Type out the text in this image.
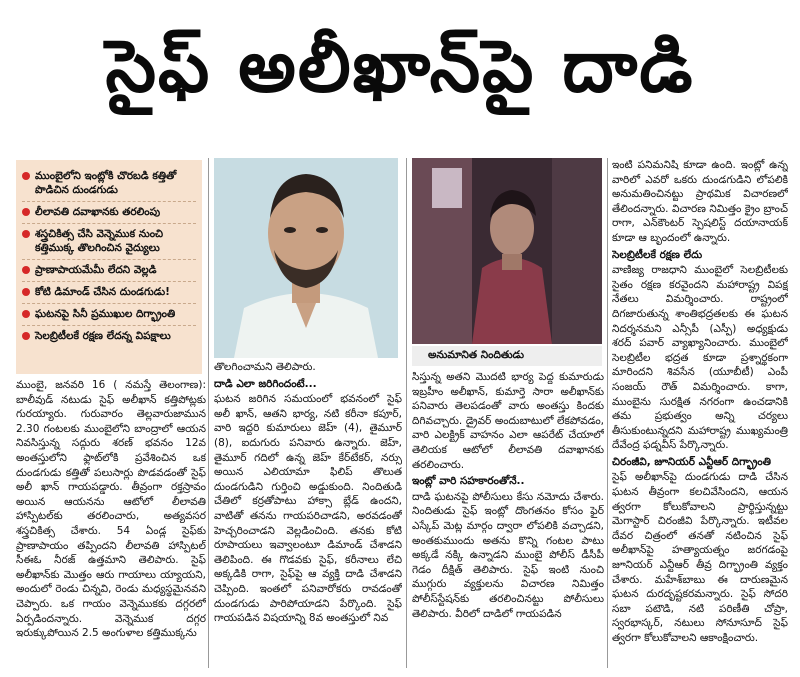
సైఫ్ అలీఖాన్‌పై దాడి
ముంబైలోని ఇంట్లోకి చొరబడి కత్తితో పొడిచిన దుండగుడు
లీలావతి దవాఖానకు తరలింపు
శస్త్రచికిత్స చేసి వెన్నెముక నుంచి కత్తిముక్క తొలగించిన వైద్యులు
ప్రాణాపాయమేమీ లేదని వెల్లడి
కోటి డిమాండ్ చేసిన దుండగుడు!
ఘటనపై సినీ ప్రముఖుల దిగ్భ్రాంతి
సెలబ్రిటీలకే రక్షణ లేదన్న విపక్షాలు
అనుమానిత నిందితుడు

ముంబై, జనవరి 16 ( నమస్తే తెలంగాణ): బాలీవుడ్ నటుడు సైఫ్ అలీఖాన్ కత్తిపోట్లకు గురయ్యారు. గురువారం తెల్లవారుజామున 2.30 గంటలకు ముంబైలోని బాంద్రాలో ఆయన నివసిస్తున్న సద్గురు శరణ్ భవనం 12వ అంతస్తులోని ఫ్లాట్‌లోకి ప్రవేశించిన ఒక దుండగుడు కత్తితో పలుసార్లు పొడవడంతో సైఫ్ అలీ ఖాన్ గాయపడ్డారు. తీవ్రంగా రక్తస్రావం అయిన ఆయనను ఆటోలో లీలావతి హాస్పిటల్‌కు తరలించారు, అత్యవసర శస్త్రచికిత్స చేశారు. 54 ఏండ్ల సైఫ్‌కు ప్రాణాపాయం తప్పిందని లీలావతి హాస్పిటల్ సీఈఓ నీరజ్ ఉత్తమాని తెలిపారు. సైఫ్ అలీఖాన్‌కు మొత్తం ఆరు గాయాలు య్యాయని, అందులో రెండు చిన్నవి, రెండు మధ్యస్థమైనవని చెప్పారు. ఒక గాయం వెన్నెముకకు దగ్గరలో ఏర్పడిందన్నారు. వెన్నెముక దగ్గర ఇరుక్కుపోయిన 2.5 అంగుళాల కత్తిముక్కను

తొలగించామని తెలిపారు.

దాడి ఎలా జరిగిందంటే...

ఘటన జరిగిన సమయంలో భవనంలో సైఫ్ అలీ ఖాన్, ఆతని భార్య, నటి కరీనా కపూర్, వారి ఇద్దరి కుమారులు జెహ్ (4), తైమూర్ (8), ఐదుగురు పనివారు ఉన్నారు. జెహ్, తైమూర్ గదిలో ఉన్న జెహ్ కేర్‌టేకర్, నర్సు అయిన ఎలియామా ఫిలిప్ తొలుత దుండగుడిని గుర్తించి అడ్డుకుంది. నిందితుడి చేతిలో కర్రతోపాటు హాక్సా బ్లేడ్ ఉందని, వాటితో తనను గాయపరిచాడని, అరవడంతో హెచ్చరించాడని వెల్లడించింది. తనకు కోటి రూపాయలు ఇవ్వాలంటూ డిమాండ్ చేశాడని తెలిపింది. ఈ గొడవకు సైఫ్, కరీనాలు లేచి అక్కడికి రాగా, సైఫ్‌పై ఆ వ్యక్తి దాడి చేశాడని చెప్పింది. ఇంతలో పనివారోకరు రావడంతో దుండగుడు పారిపోయాడని పేర్కొంది. సైఫ్ గాయపడిన విషయాన్ని 8వ అంతస్తులో నివ

సిస్తున్న అతని మొదటి భార్య పెద్ద కుమారుడు ఇబ్రహీం అలీఖాన్, కుమార్తె సారా అలీఖాన్‌కు పనివారు తెలపడంతో వారు అంతస్తు కిందకు దిగివచ్చారు. డ్రైవర్ అందుబాటులో లేకపోవడం, వారి ఎలక్ట్రిక్ వాహనం ఎలా ఆపరేట్ చేయాలో తెలియక ఆటోలో లీలావతి దవాఖానకు తరలించారు.

ఇంట్లో వారి సహకారంతోనే..

దాడి ఘటనపై పోలీసులు కేసు నమోదు చేశారు. నిందితుడు సైఫ్ ఇంట్లో దొంగతనం కోసం ఫైర్ ఎస్కేప్ మెట్ల మార్గం ద్వారా లోపలికి వచ్చాడని, అంతకుముందు అతను కొన్ని గంటల పాటు అక్కడే నక్కి ఉన్నాడని ముంబై పోలీస్ డీసీపీ గెడం దీక్షిత్ తెలిపారు. సైఫ్ ఇంటి నుంచి ముగ్గురు వ్యక్తులను విచారణ నిమిత్తం పోలీస్‌స్టేషన్‌కు తరలించినట్టు పోలీసులు తెలిపారు. వీరిలో దాడిలో గాయపడిన

ఇంటి పనిమనిషి కూడా ఉంది. ఇంట్లో ఉన్న వారిలో ఎవరో ఒకరు దుండగుడిని లోపలికి అనుమతించినట్టు ప్రాథమిక విచారణలో తేలిందన్నారు. విచారణ నిమిత్తం క్రైం బ్రాంచ్ రాగా, ఎన్‌కౌంటర్ స్పెషలిస్ట్ దయానాయక్ కూడా ఆ బృందంలో ఉన్నారు.

సెలబ్రిటీలకే రక్షణ లేదు

వాణిజ్య రాజధాని ముంబైలో సెలబ్రిటీలకు సైతం రక్షణ కరవైందని మహారాష్ట్ర విపక్ష నేతలు విమర్శించారు. రాష్ట్రంలో దిగజారుతున్న శాంతిభద్రతలకు ఈ ఘటన నిదర్శనమని ఎన్సీపీ (ఎస్పీ) అధ్యక్షుడు శరద్ పవార్ వ్యాఖ్యానించారు. ముంబైలో సెలబ్రిటీల భద్రత కూడా ప్రశ్నార్థకంగా మారిందని శివసేన (యూబీటీ) ఎంపీ సంజయ్ రౌత్ విమర్శించారు. కాగా, ముంబైను సురక్షిత నగరంగా ఉంచడానికి తమ ప్రభుత్వం అన్ని చర్యలు తీసుకుంటున్నదని మహారాష్ట్ర ముఖ్యమంత్రి దేవేంద్ర ఫడ్నవీస్ పేర్కొన్నారు.

చిరంజీవి, జూనియర్ ఎన్టీఆర్ దిగ్భ్రాంతి

సైఫ్ అలీఖాన్‌పై దుండగుడు దాడి చేసిన ఘటన తీవ్రంగా కలచివేసిందని, ఆయన త్వరగా కోలుకోవాలని ప్రార్థిస్తున్నట్టు మెగాస్టార్ చిరంజీవి పేర్కొన్నారు. ఇటీవల దేవర చిత్రంలో తనతో నటించిన సైఫ్ అలీఖాన్‌పై హత్యాయత్నం జరగడంపై జూనియర్ ఎన్టీఆర్ తీవ్ర దిగ్భ్రాంతి వ్యక్తం చేశారు. మహేశ్‌బాబు ఈ దారుణమైన ఘటన దురదృష్టకరమన్నారు. సైఫ్ సోదరి సబా పటౌడి, నటి పరిణీతి చోప్రా, స్వరభాస్కర్, నటులు సోనూసూద్ సైఫ్ త్వరగా కోలుకోవాలని ఆకాంక్షించారు.
